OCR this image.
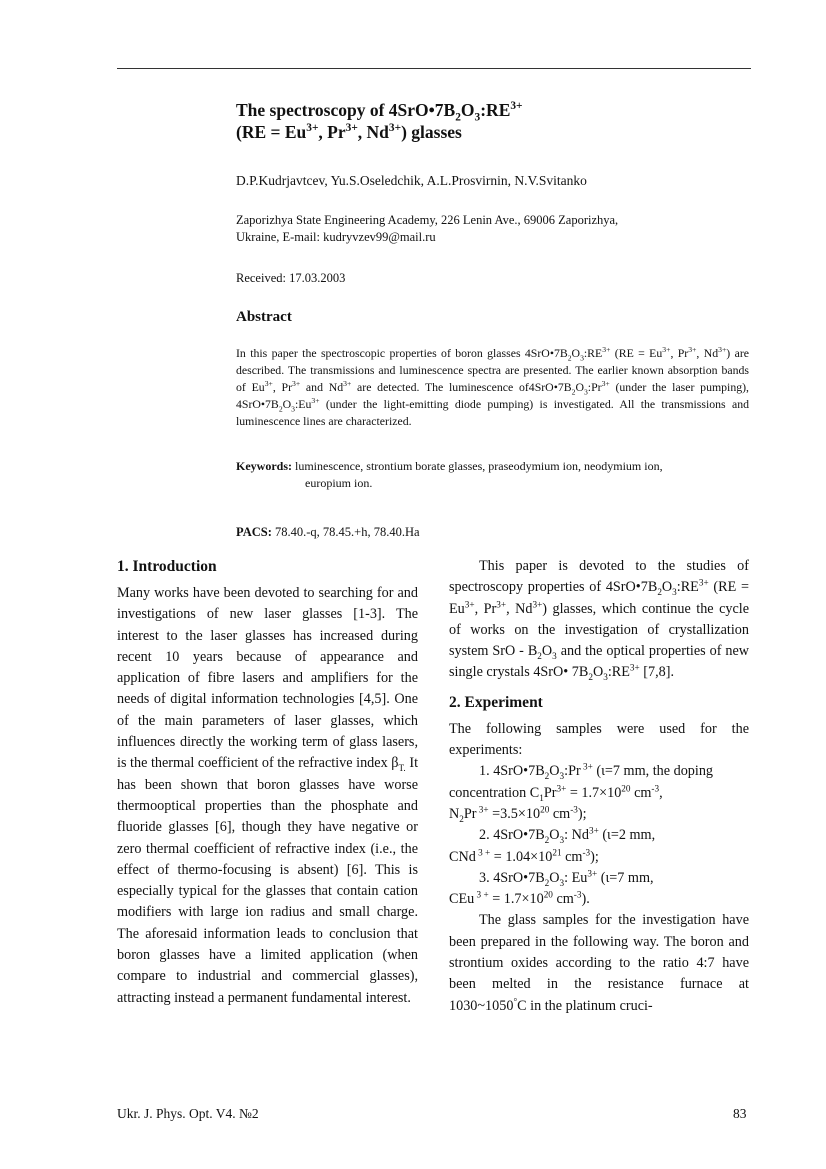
The spectroscopy of $4SrO•7B_2O_3:RE^{3+}$
($RE = Eu^{3+}$, $Pr^{3+}$, $Nd^{3+}$) glasses
D.P.Kudrjavtcev, Yu.S.Oseledchik, A.L.Prosvirnin, N.V.Svitanko
Zaporizhya State Engineering Academy, 226 Lenin Ave., 69006 Zaporizhya,
Ukraine, E-mail: kudryvzev99@mail.ru
Received: 17.03.2003
Abstract

In this paper the spectroscopic properties of boron glasses $4SrO•7B_2O_3:RE^{3+}$ ($RE = Eu^{3+}$, $Pr^{3+}$, $Nd^{3+}$) are described. The transmissions and luminescence spectra are presented. The earlier known absorption bands of $Eu^{3+}$, $Pr^{3+}$ and $Nd^{3+}$ are detected. The luminescence $of4SrO•7B_2O_3:Pr^{3+}$ (under the laser pumping), $4SrO•7B_2O_3:Eu^{3+}$ (under the light-emitting diode pumping) is investigated. All the transmissions and luminescence lines are characterized.

Keywords: luminescence, strontium borate glasses, praseodymium ion, neodymium ion,
europium ion.

PACS: 78.40.-q, 78.45.+h, 78.40.Ha
1. Introduction

Many works have been devoted to searching for and investigations of new laser glasses [1-3]. The interest to the laser glasses has increased during recent 10 years because of appearance and application of fibre lasers and amplifiers for the needs of digital information technologies [4,5]. One of the main parameters of laser glasses, which influences directly the working term of glass lasers, is the thermal coefficient of the refractive index $\beta_{T.}$ It has been shown that boron glasses have worse thermooptical properties than the phosphate and fluoride glasses [6], though they have negative or zero thermal coefficient of refractive index (i.e., the effect of thermo-focusing is absent) [6]. This is especially typical for the glasses that contain cation modifiers with large ion radius and small charge. The aforesaid information leads to conclusion that boron glasses have a limited application (when compare to industrial and commercial glasses), attracting instead a permanent fundamental interest.

This paper is devoted to the studies of spectroscopy properties of $4SrO•7B_2O_3:RE^{3+}$ ($RE = Eu^{3+}$, $Pr^{3+}$, $Nd^{3+}$) glasses, which continue the cycle of works on the investigation of crystallization system SrO - $B_2O_3$ and the optical properties of new single crystals 4SrO• $7B_2O_3:RE^{3+}$ [7,8].

2. Experiment

The following samples were used for the experiments:

1. $4SrO•7B_2O_3:Pr$ $^{3+}$ (ι=7 mm, the doping

concentration $C_1Pr^{3+} = 1.7\times 10^{20}$ $cm^{-3}$,

$N_2Pr$ $^{3+} =3.5\times 10^{20}$ $cm^{-3}$);

2. $4SrO•7B_2O_3$: $Nd^{3+}$ (ι=2 mm,

CNd $^{3 +} = 1.04\times 10^{21}$ $cm^{-3}$);

3. $4SrO•7B_2O_3$: $Eu^{3+}$ (ι=7 mm,

CEu $^{3 +} = 1.7\times 10^{20}$ $cm^{-3}$).

The glass samples for the investigation have been prepared in the following way. The boron and strontium oxides according to the ratio 4:7 have been melted in the resistance furnace at 1030~1050°C in the platinum cruci-

Ukr. J. Phys. Opt. V4. №2	83
